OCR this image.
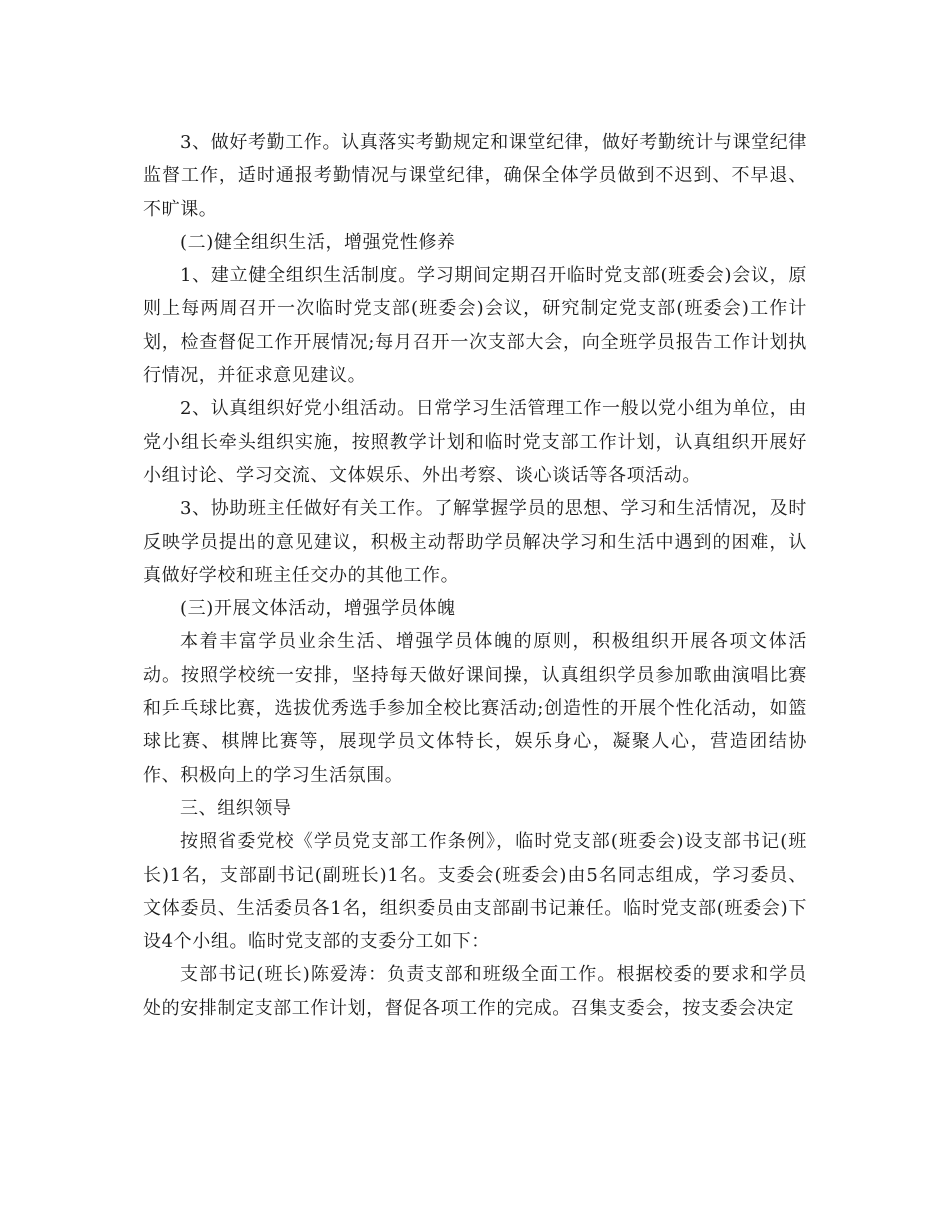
3、做好考勤工作。认真落实考勤规定和课堂纪律，做好考勤统计与课堂纪律监督工作，适时通报考勤情况与课堂纪律，确保全体学员做到不迟到、不早退、不旷课。

(二)健全组织生活，增强党性修养

1、建立健全组织生活制度。学习期间定期召开临时党支部(班委会)会议，原则上每两周召开一次临时党支部(班委会)会议，研究制定党支部(班委会)工作计划，检查督促工作开展情况;每月召开一次支部大会，向全班学员报告工作计划执行情况，并征求意见建议。

2、认真组织好党小组活动。日常学习生活管理工作一般以党小组为单位，由党小组长牵头组织实施，按照教学计划和临时党支部工作计划，认真组织开展好小组讨论、学习交流、文体娱乐、外出考察、谈心谈话等各项活动。

3、协助班主任做好有关工作。了解掌握学员的思想、学习和生活情况，及时反映学员提出的意见建议，积极主动帮助学员解决学习和生活中遇到的困难，认真做好学校和班主任交办的其他工作。

(三)开展文体活动，增强学员体魄

本着丰富学员业余生活、增强学员体魄的原则，积极组织开展各项文体活动。按照学校统一安排，坚持每天做好课间操，认真组织学员参加歌曲演唱比赛和乒乓球比赛，选拔优秀选手参加全校比赛活动;创造性的开展个性化活动，如篮球比赛、棋牌比赛等，展现学员文体特长，娱乐身心，凝聚人心，营造团结协作、积极向上的学习生活氛围。

三、组织领导

按照省委党校《学员党支部工作条例》，临时党支部(班委会)设支部书记(班长)1名，支部副书记(副班长)1名。支委会(班委会)由5名同志组成，学习委员、文体委员、生活委员各1名，组织委员由支部副书记兼任。临时党支部(班委会)下设4个小组。临时党支部的支委分工如下：

支部书记(班长)陈爱涛：负责支部和班级全面工作。根据校委的要求和学员处的安排制定支部工作计划，督促各项工作的完成。召集支委会，按支委会决定
